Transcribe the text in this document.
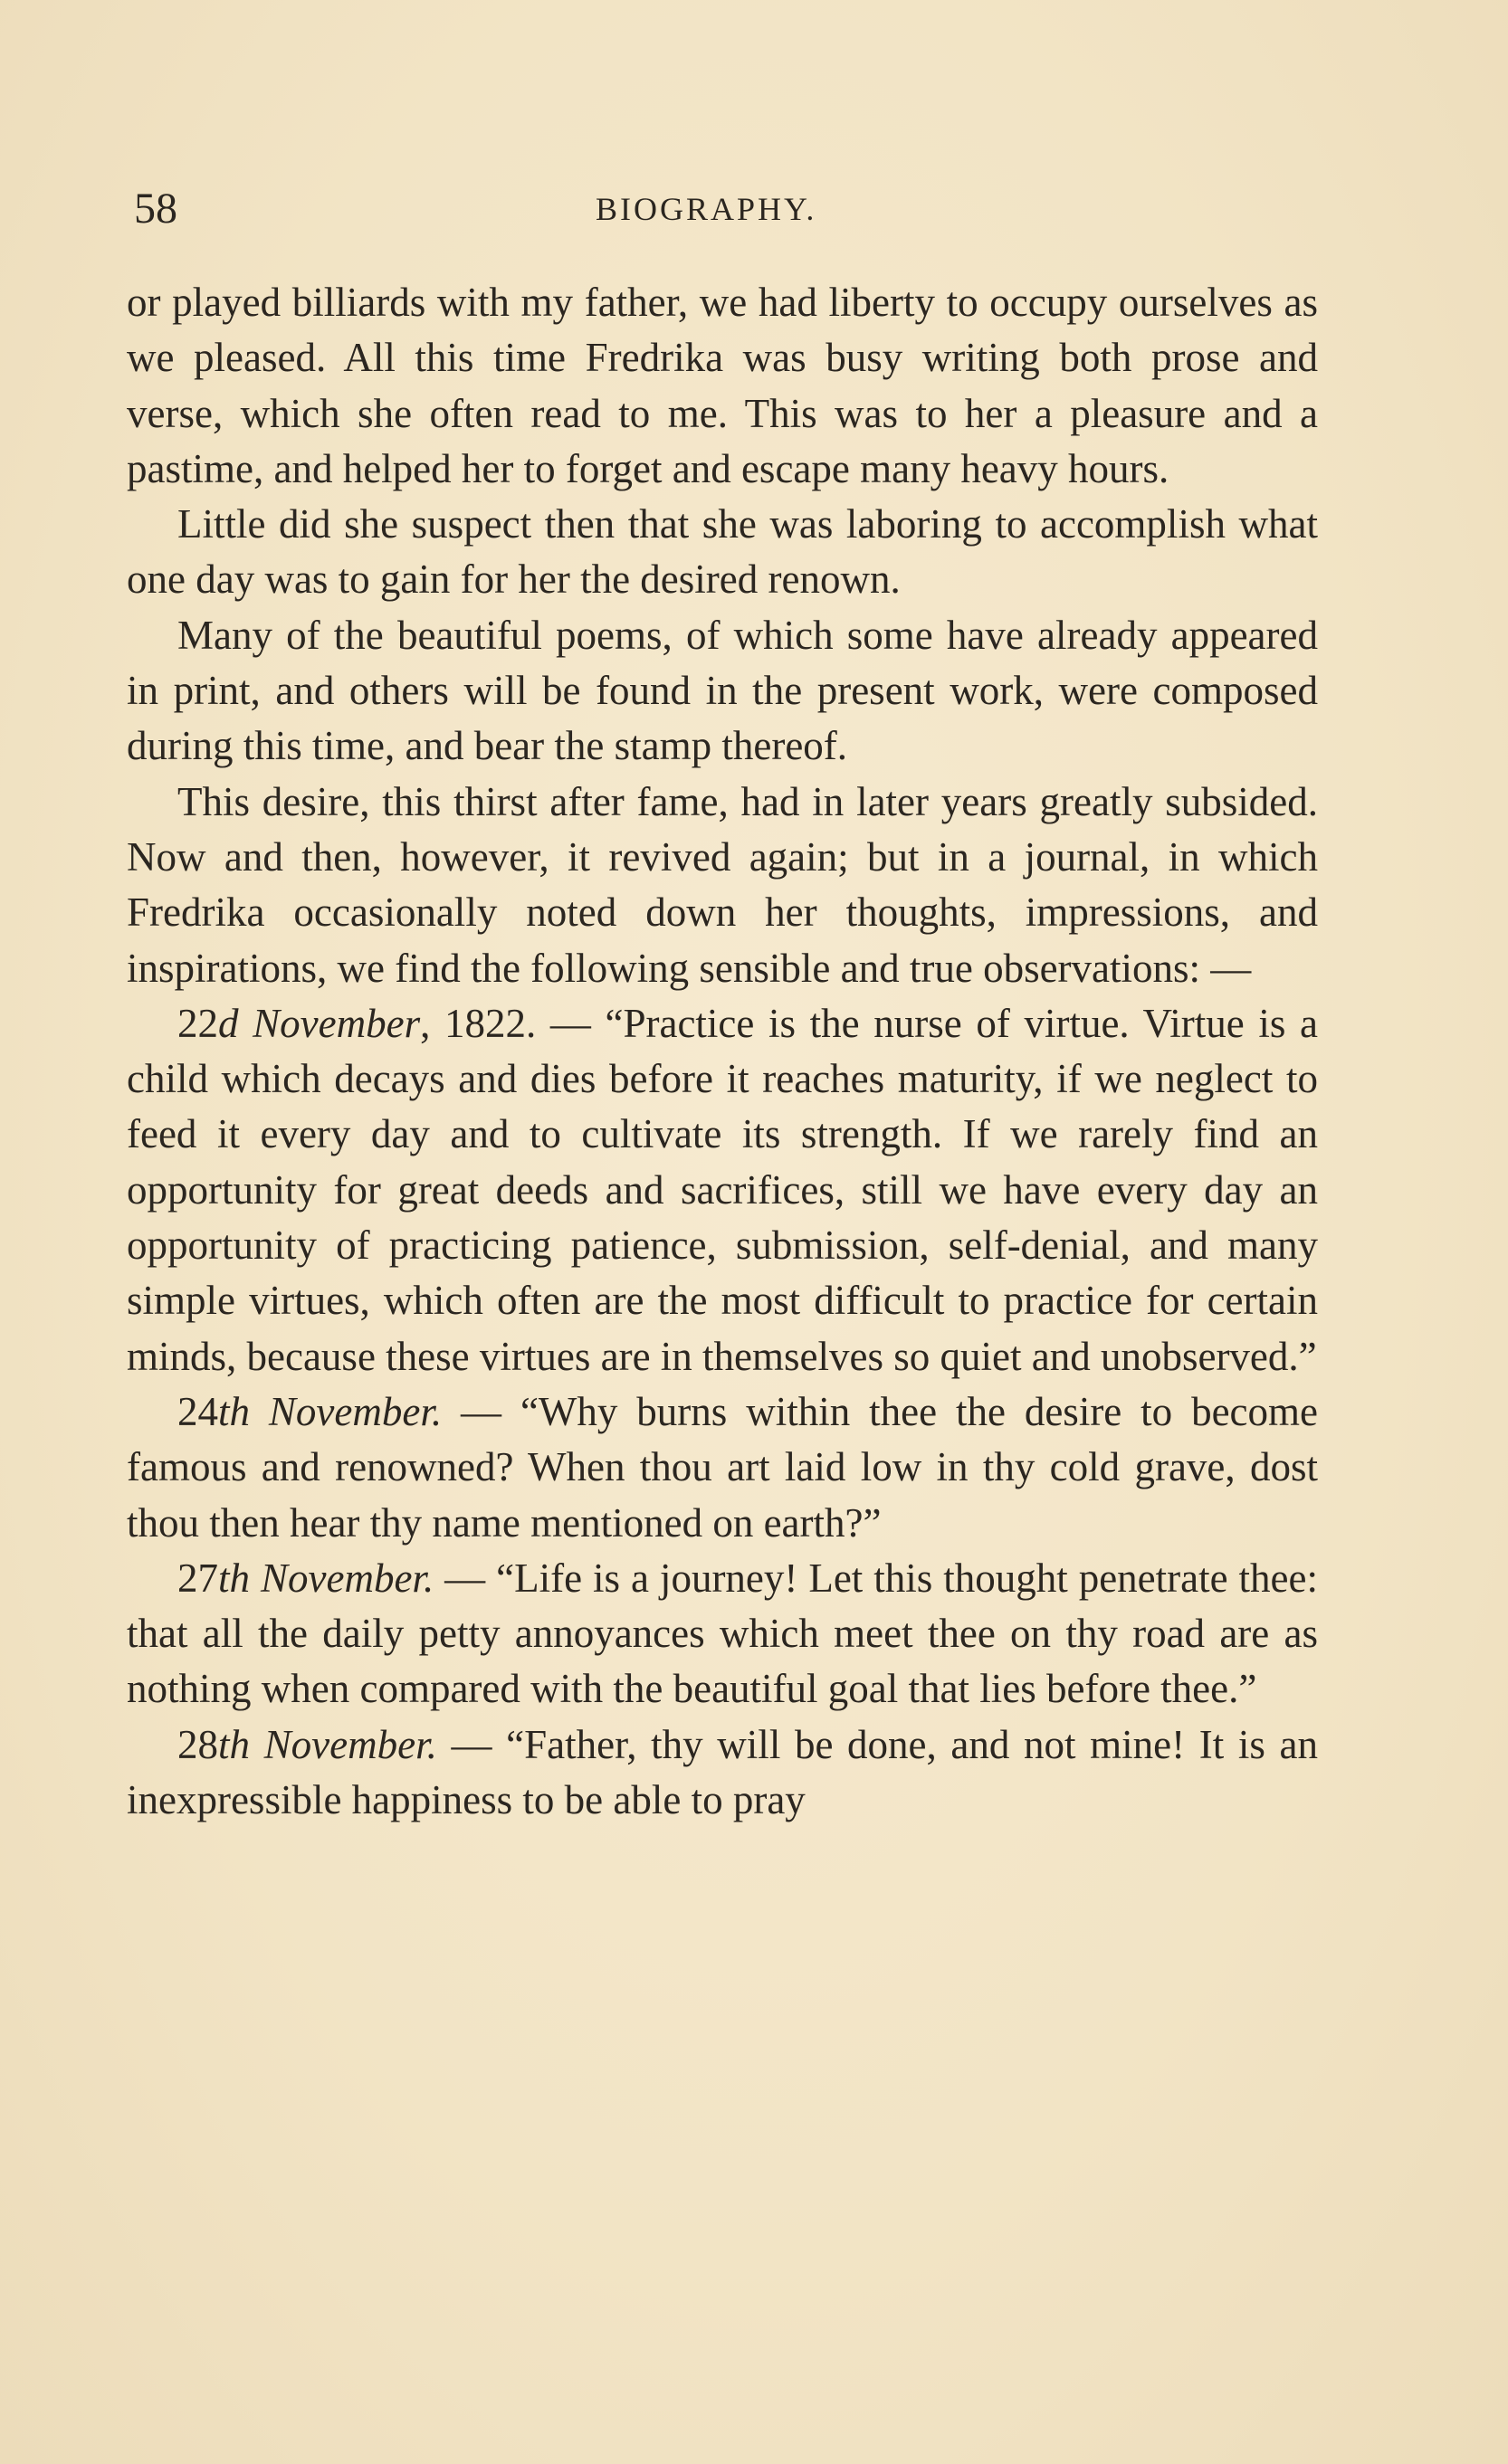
58	BIOGRAPHY.

or played billiards with my father, we had liberty to occupy ourselves as we pleased. All this time Fredrika was busy writing both prose and verse, which she often read to me. This was to her a pleasure and a pastime, and helped her to forget and escape many heavy hours.

Little did she suspect then that she was laboring to accomplish what one day was to gain for her the desired renown.

Many of the beautiful poems, of which some have already appeared in print, and others will be found in the present work, were composed during this time, and bear the stamp thereof.

This desire, this thirst after fame, had in later years greatly subsided. Now and then, however, it revived again; but in a journal, in which Fredrika occasionally noted down her thoughts, impressions, and inspirations, we find the following sensible and true observations: —

22d November, 1822. — “Practice is the nurse of virtue. Virtue is a child which decays and dies before it reaches maturity, if we neglect to feed it every day and to cultivate its strength. If we rarely find an opportunity for great deeds and sacrifices, still we have every day an opportunity of practicing patience, submission, self-denial, and many simple virtues, which often are the most difficult to practice for certain minds, because these virtues are in themselves so quiet and unobserved.”

24th November. — “Why burns within thee the desire to become famous and renowned? When thou art laid low in thy cold grave, dost thou then hear thy name mentioned on earth?”

27th November. — “Life is a journey! Let this thought penetrate thee: that all the daily petty annoyances which meet thee on thy road are as nothing when compared with the beautiful goal that lies before thee.”

28th November. — “Father, thy will be done, and not mine! It is an inexpressible happiness to be able to pray
